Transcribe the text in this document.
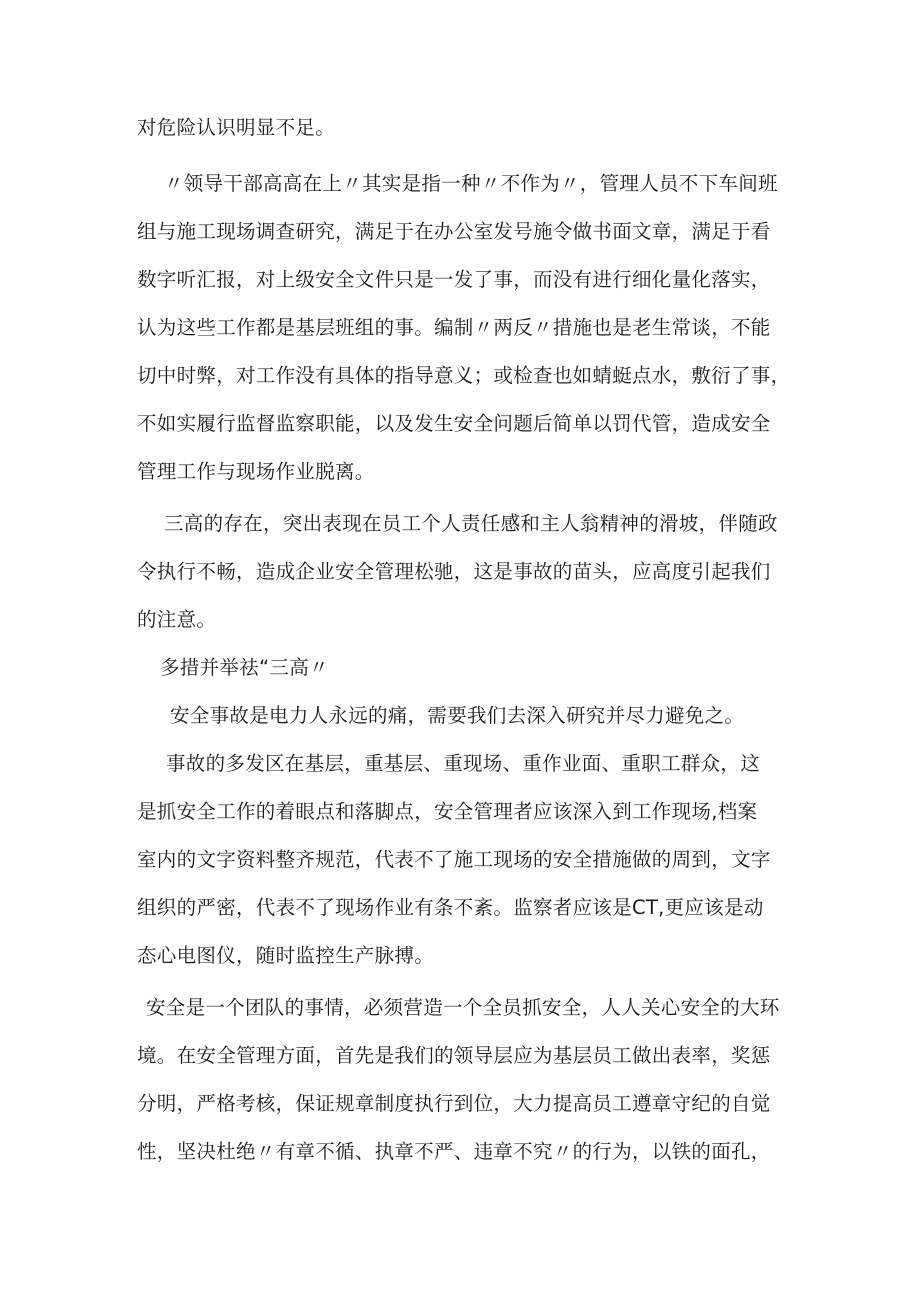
对危险认识明显不足。
〃领导干部高高在上〃其实是指一种〃不作为〃，管理人员不下车间班
组与施工现场调查研究，满足于在办公室发号施令做书面文章，满足于看
数字听汇报，对上级安全文件只是一发了事，而没有进行细化量化落实，
认为这些工作都是基层班组的事。编制〃两反〃措施也是老生常谈，不能
切中时弊，对工作没有具体的指导意义；或检查也如蜻蜓点水，敷衍了事，
不如实履行监督监察职能，以及发生安全问题后简单以罚代管，造成安全
管理工作与现场作业脱离。
三高的存在，突出表现在员工个人责任感和主人翁精神的滑坡，伴随政
令执行不畅，造成企业安全管理松驰，这是事故的苗头，应高度引起我们
的注意。
多措并举祛“三高〃
安全事故是电力人永远的痛，需要我们去深入研究并尽力避免之。
事故的多发区在基层，重基层、重现场、重作业面、重职工群众，这
是抓安全工作的着眼点和落脚点，安全管理者应该深入到工作现场,档案
室内的文字资料整齐规范，代表不了施工现场的安全措施做的周到，文字
组织的严密，代表不了现场作业有条不紊。监察者应该是CT,更应该是动
态心电图仪，随时监控生产脉搏。
安全是一个团队的事情，必须营造一个全员抓安全，人人关心安全的大环
境。在安全管理方面，首先是我们的领导层应为基层员工做出表率，奖惩
分明，严格考核，保证规章制度执行到位，大力提高员工遵章守纪的自觉
性，坚决杜绝〃有章不循、执章不严、违章不究〃的行为，以铁的面孔，
